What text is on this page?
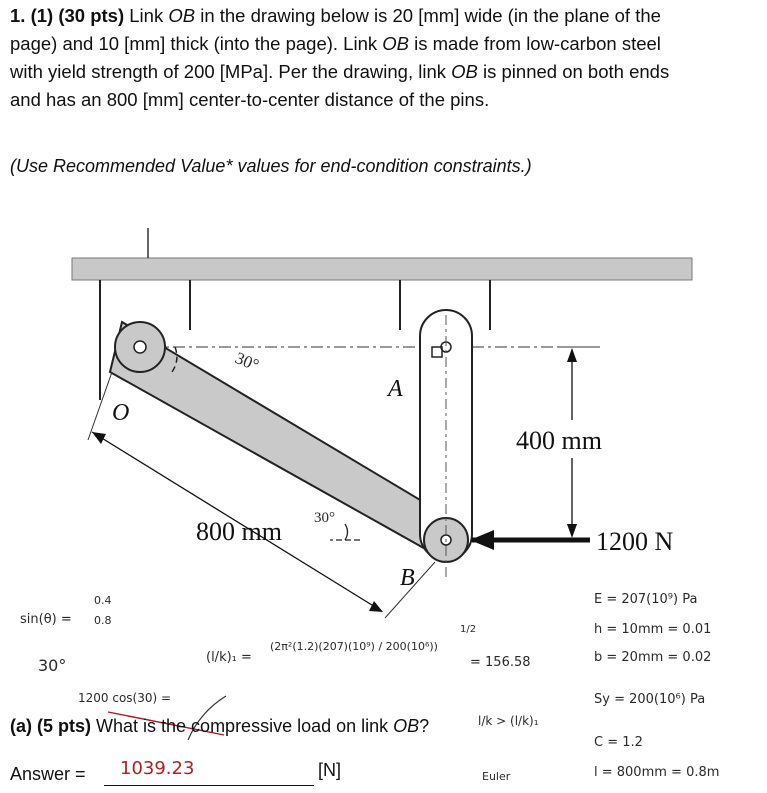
1. (1) (30 pts) Link OB in the drawing below is 20 [mm] wide (in the plane of the
page) and 10 [mm] thick (into the page). Link OB is made from low-carbon steel
with yield strength of 200 [MPa]. Per the drawing, link OB is pinned on both ends
and has an 800 [mm] center-to-center distance of the pins.
(Use Recommended Value* values for end-condition constraints.)
30°
30°
O
A
B
800 mm
400 mm
1200 N
sin(θ) =
0.4
0.8
30°
1200 cos(30) =
(l/k)₁ =
(2π²(1.2)(207)(10⁹) / 200(10⁶))
1/2
= 156.58
l/k > (l/k)₁
Euler
E = 207(10⁹) Pa
h = 10mm = 0.01
b = 20mm = 0.02
Sy = 200(10⁶) Pa
C = 1.2
l = 800mm = 0.8m
(a) (5 pts) What is the compressive load on link OB?
Answer = 1039.23	[N]
